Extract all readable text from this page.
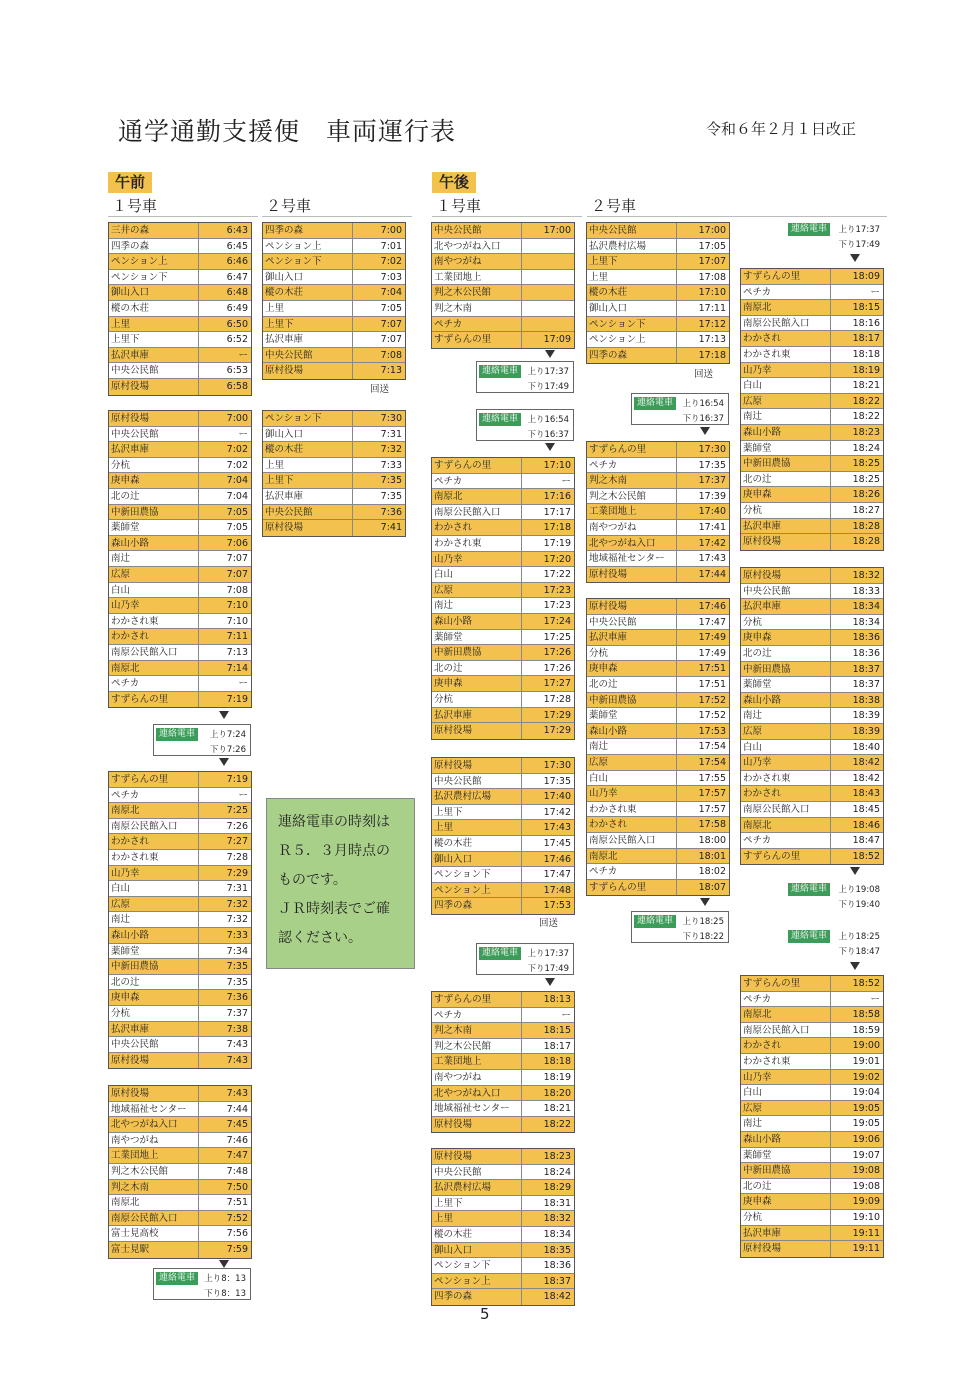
通学通勤支援便　車両運行表	令和６年２月１日改正
午前	午後
１号車	２号車	１号車	２号車
三井の森	6:43
四季の森	6:45
ペンション上	6:46
ペンション下	6:47
御山入口	6:48
樅の木荘	6:49
上里	6:50
上里下	6:52
払沢車庫	ー
中央公民館	6:53
原村役場	6:58
原村役場	7:00
中央公民館	ー
払沢車庫	7:02
分杭	7:02
庚申森	7:04
北の辻	7:04
中新田農協	7:05
薬師堂	7:05
森山小路	7:06
南辻	7:07
広原	7:07
白山	7:08
山乃幸	7:10
わかされ東	7:10
わかされ	7:11
南原公民館入口	7:13
南原北	7:14
ペチカ	ー
すずらんの里	7:19
連絡電車	上り7:24
下り7:26
すずらんの里	7:19
ペチカ	ー
南原北	7:25
南原公民館入口	7:26
わかされ	7:27
わかされ東	7:28
山乃幸	7:29
白山	7:31
広原	7:32
南辻	7:32
森山小路	7:33
薬師堂	7:34
中新田農協	7:35
北の辻	7:35
庚申森	7:36
分杭	7:37
払沢車庫	7:38
中央公民館	7:43
原村役場	7:43
原村役場	7:43
地域福祉センター	7:44
北やつがね入口	7:45
南やつがね	7:46
工業団地上	7:47
判之木公民館	7:48
判之木南	7:50
南原北	7:51
南原公民館入口	7:52
富士見高校	7:56
富士見駅	7:59
連絡電車	上り8：13
下り8：13
四季の森	7:00
ペンション上	7:01
ペンション下	7:02
御山入口	7:03
樅の木荘	7:04
上里	7:05
上里下	7:07
払沢車庫	7:07
中央公民館	7:08
原村役場	7:13
回送
ペンション下	7:30
御山入口	7:31
樅の木荘	7:32
上里	7:33
上里下	7:35
払沢車庫	7:35
中央公民館	7:36
原村役場	7:41
連絡電車の時刻は
Ｒ５．３月時点の
ものです。
ＪＲ時刻表でご確
認ください。
中央公民館	17:00
北やつがね入口
南やつがね
工業団地上
判之木公民館
判之木南
ペチカ
すずらんの里	17:09
連絡電車	上り17:37
下り17:49
連絡電車	上り16:54
下り16:37
すずらんの里	17:10
ペチカ	ー
南原北	17:16
南原公民館入口	17:17
わかされ	17:18
わかされ東	17:19
山乃幸	17:20
白山	17:22
広原	17:23
南辻	17:23
森山小路	17:24
薬師堂	17:25
中新田農協	17:26
北の辻	17:26
庚申森	17:27
分杭	17:28
払沢車庫	17:29
原村役場	17:29
原村役場	17:30
中央公民館	17:35
払沢農村広場	17:40
上里下	17:42
上里	17:43
樅の木荘	17:45
御山入口	17:46
ペンション下	17:47
ペンション上	17:48
四季の森	17:53
回送
連絡電車	上り17:37
下り17:49
すずらんの里	18:13
ペチカ	ー
判之木南	18:15
判之木公民館	18:17
工業団地上	18:18
南やつがね	18:19
北やつがね入口	18:20
地域福祉センター	18:21
原村役場	18:22
原村役場	18:23
中央公民館	18:24
払沢農村広場	18:29
上里下	18:31
上里	18:32
樅の木荘	18:34
御山入口	18:35
ペンション下	18:36
ペンション上	18:37
四季の森	18:42
中央公民館	17:00
払沢農村広場	17:05
上里下	17:07
上里	17:08
樅の木荘	17:10
御山入口	17:11
ペンション下	17:12
ペンション上	17:13
四季の森	17:18
回送
連絡電車	上り16:54
下り16:37
すずらんの里	17:30
ペチカ	17:35
判之木南	17:37
判之木公民館	17:39
工業団地上	17:40
南やつがね	17:41
北やつがね入口	17:42
地域福祉センター	17:43
原村役場	17:44
原村役場	17:46
中央公民館	17:47
払沢車庫	17:49
分杭	17:49
庚申森	17:51
北の辻	17:51
中新田農協	17:52
薬師堂	17:52
森山小路	17:53
南辻	17:54
広原	17:54
白山	17:55
山乃幸	17:57
わかされ東	17:57
わかされ	17:58
南原公民館入口	18:00
南原北	18:01
ペチカ	18:02
すずらんの里	18:07
連絡電車	上り18:25
下り18:22
連絡電車	上り17:37
下り17:49
すずらんの里	18:09
ペチカ	ー
南原北	18:15
南原公民館入口	18:16
わかされ	18:17
わかされ東	18:18
山乃幸	18:19
白山	18:21
広原	18:22
南辻	18:22
森山小路	18:23
薬師堂	18:24
中新田農協	18:25
北の辻	18:25
庚申森	18:26
分杭	18:27
払沢車庫	18:28
原村役場	18:28
原村役場	18:32
中央公民館	18:33
払沢車庫	18:34
分杭	18:34
庚申森	18:36
北の辻	18:36
中新田農協	18:37
薬師堂	18:37
森山小路	18:38
南辻	18:39
広原	18:39
白山	18:40
山乃幸	18:42
わかされ東	18:42
わかされ	18:43
南原公民館入口	18:45
南原北	18:46
ペチカ	18:47
すずらんの里	18:52
連絡電車	上り19:08
下り19:40
連絡電車	上り18:25
下り18:47
すずらんの里	18:52
ペチカ	ー
南原北	18:58
南原公民館入口	18:59
わかされ	19:00
わかされ東	19:01
山乃幸	19:02
白山	19:04
広原	19:05
南辻	19:05
森山小路	19:06
薬師堂	19:07
中新田農協	19:08
北の辻	19:08
庚申森	19:09
分杭	19:10
払沢車庫	19:11
原村役場	19:11
5
